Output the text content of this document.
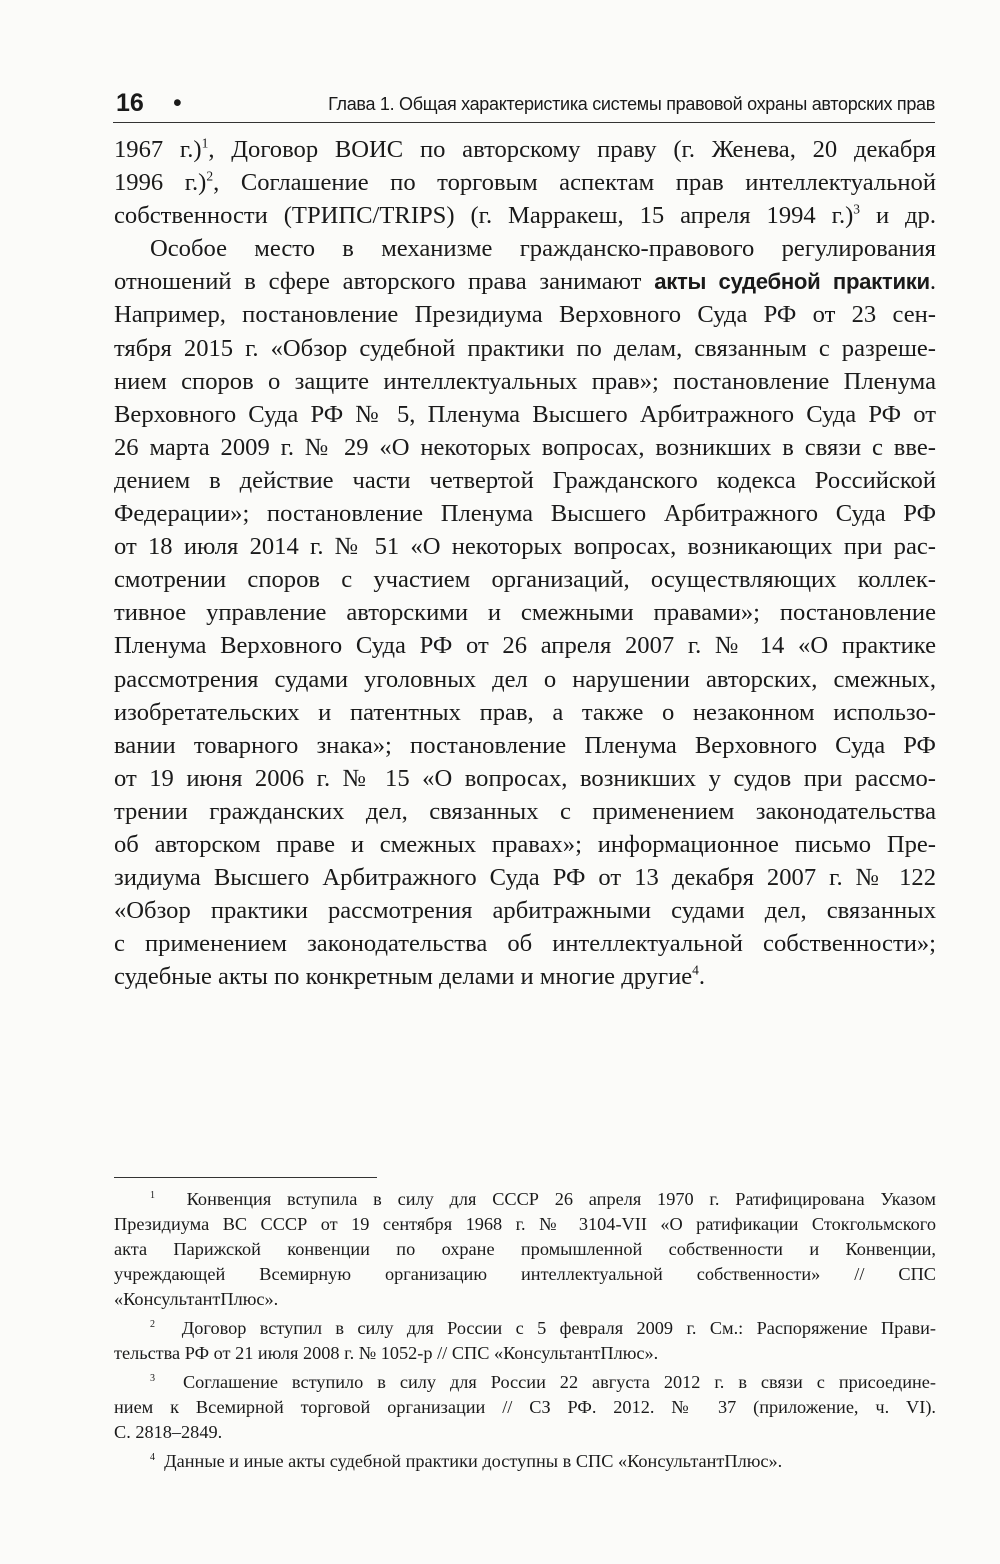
16 •	Глава 1. Общая характеристика системы правовой охраны авторских прав
1967 г.)$^1$, Договор ВОИС по авторскому праву (г. Женева, 20 декабря
1996 г.)$^2$, Соглашение по торговым аспектам прав интеллектуальной
собственности (ТРИПС/TRIPS) (г. Марракеш, 15 апреля 1994 г.)$^3$ и др.
Особое место в механизме гражданско-правового регулирования
отношений в сфере авторского права занимают акты судебной практики.
Например, постановление Президиума Верховного Суда РФ от 23 сен-
тября 2015 г. «Обзор судебной практики по делам, связанным с разреше-
нием споров о защите интеллектуальных прав»; постановление Пленума
Верховного Суда РФ № 5, Пленума Высшего Арбитражного Суда РФ от
26 марта 2009 г. № 29 «О некоторых вопросах, возникших в связи с вве-
дением в действие части четвертой Гражданского кодекса Российской
Федерации»; постановление Пленума Высшего Арбитражного Суда РФ
от 18 июля 2014 г. № 51 «О некоторых вопросах, возникающих при рас-
смотрении споров с участием организаций, осуществляющих коллек-
тивное управление авторскими и смежными правами»; постановление
Пленума Верховного Суда РФ от 26 апреля 2007 г. № 14 «О практике
рассмотрения судами уголовных дел о нарушении авторских, смежных,
изобретательских и патентных прав, а также о незаконном использо-
вании товарного знака»; постановление Пленума Верховного Суда РФ
от 19 июня 2006 г. № 15 «О вопросах, возникших у судов при рассмо-
трении гражданских дел, связанных с применением законодательства
об авторском праве и смежных правах»; информационное письмо Пре-
зидиума Высшего Арбитражного Суда РФ от 13 декабря 2007 г. № 122
«Обзор практики рассмотрения арбитражными судами дел, связанных
с применением законодательства об интеллектуальной собственности»;
судебные акты по конкретным делами и многие другие$^4$.
$^1$ Конвенция вступила в силу для СССР 26 апреля 1970 г. Ратифицирована Указом
Президиума ВС СССР от 19 сентября 1968 г. № 3104-VII «О ратификации Стокгольмского
акта Парижской конвенции по охране промышленной собственности и Конвенции,
учреждающей Всемирную организацию интеллектуальной собственности» // СПС
«КонсультантПлюс».
$^2$ Договор вступил в силу для России с 5 февраля 2009 г. См.: Распоряжение Прави-
тельства РФ от 21 июля 2008 г. № 1052-р // СПС «КонсультантПлюс».
$^3$ Соглашение вступило в силу для России 22 августа 2012 г. в связи с присоедине-
нием к Всемирной торговой организации // СЗ РФ. 2012. № 37 (приложение, ч. VI).
С. 2818–2849.
$^4$ Данные и иные акты судебной практики доступны в СПС «КонсультантПлюс».
